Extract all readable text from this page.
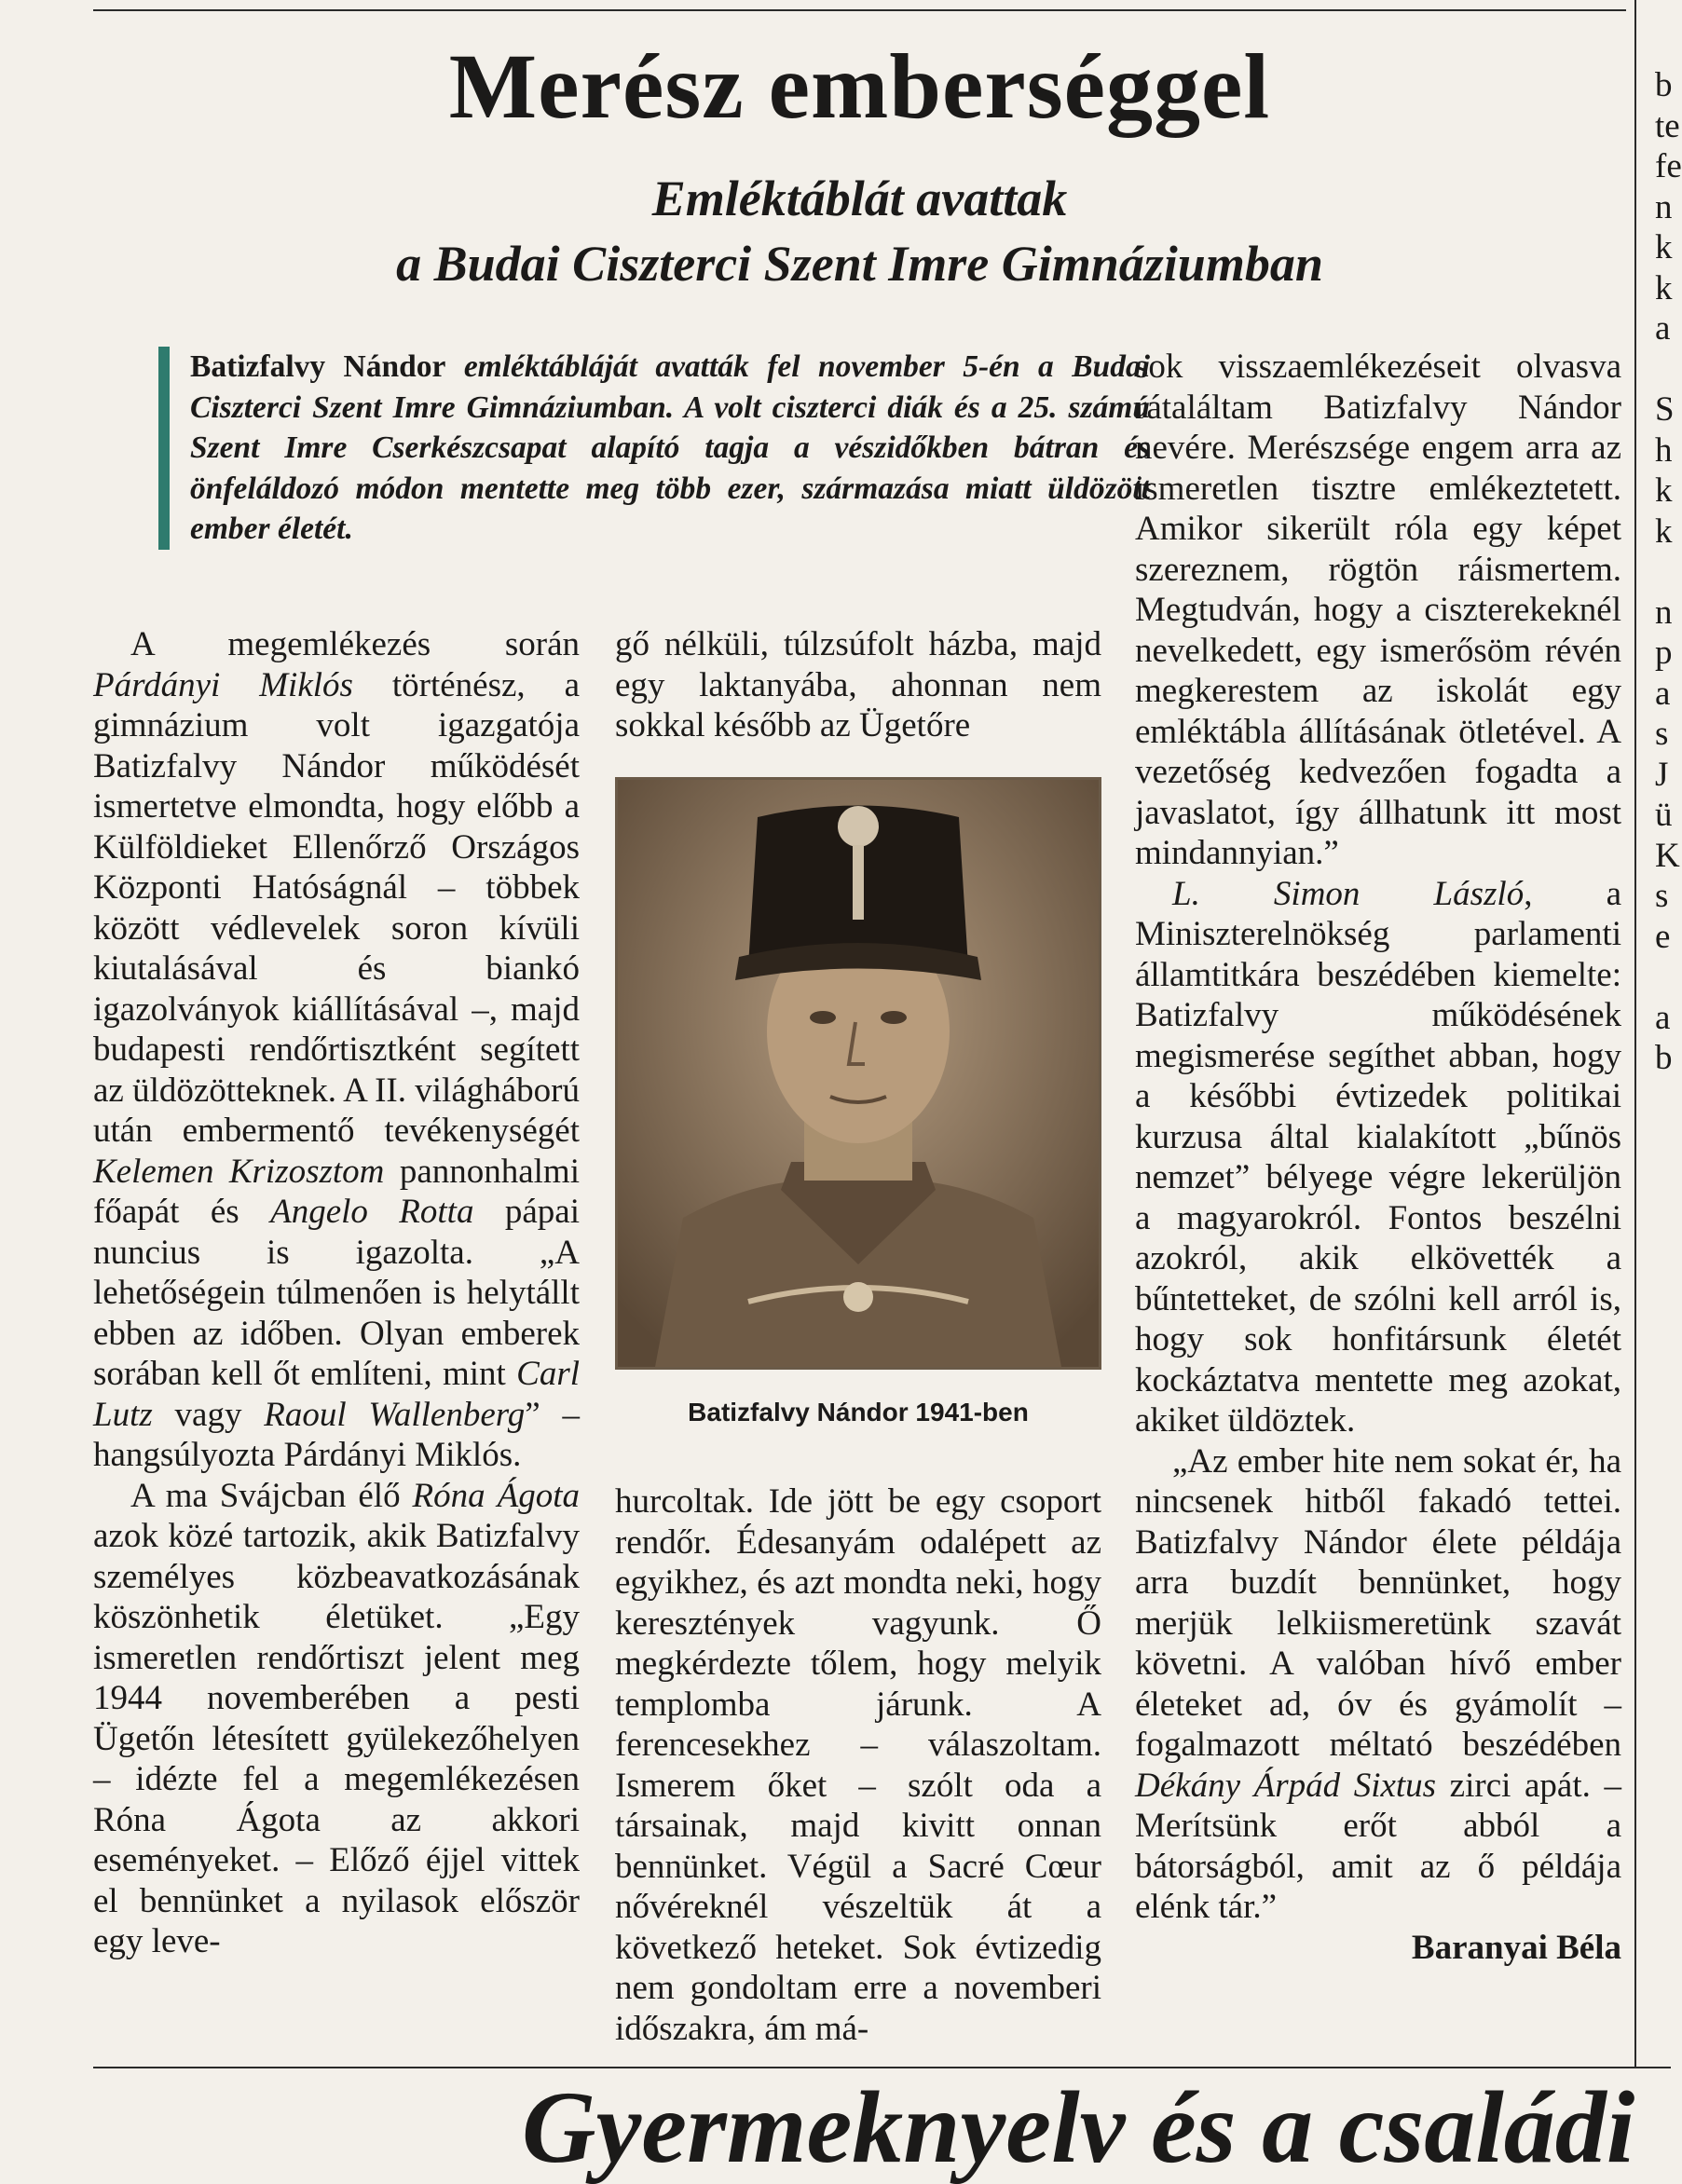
Merész emberséggel
Emléktáblát avattak
a Budai Ciszterci Szent Imre Gimnáziumban
Batizfalvy Nándor emléktábláját avatták fel november 5-én a Budai Ciszterci Szent Imre Gimnáziumban. A volt ciszterci diák és a 25. számú Szent Imre Cserkészcsapat alapító tagja a vészidőkben bátran és önfeláldozó módon mentette meg több ezer, származása miatt üldözött ember életét.

A megemlékezés során Párdányi Miklós történész, a gimnázium volt igazgatója Batizfalvy Nándor működését ismertetve elmondta, hogy előbb a Külföldieket Ellenőrző Országos Központi Hatóságnál – többek között védlevelek soron kívüli kiutalásával és biankó igazolványok kiállításával –, majd budapesti rendőrtisztként segített az üldözötteknek. A II. világháború után embermentő tevékenységét Kelemen Krizosztom pannonhalmi főapát és Angelo Rotta pápai nuncius is igazolta. „A lehetőségein túlmenően is helytállt ebben az időben. Olyan emberek sorában kell őt említeni, mint Carl Lutz vagy Raoul Wallenberg” – hangsúlyozta Párdányi Miklós.

A ma Svájcban élő Róna Ágota azok közé tartozik, akik Batizfalvy személyes közbeavatkozásának köszönhetik életüket. „Egy ismeretlen rendőrtiszt jelent meg 1944 novemberében a pesti Ügetőn létesített gyülekezőhelyen – idézte fel a megemlékezésen Róna Ágota az akkori eseményeket. – Előző éjjel vittek el bennünket a nyilasok először egy leve-

gő nélküli, túlzsúfolt házba, majd egy laktanyába, ahonnan nem sokkal később az Ügetőre

Batizfalvy Nándor 1941-ben

hurcoltak. Ide jött be egy csoport rendőr. Édesanyám odalépett az egyikhez, és azt mondta neki, hogy keresztények vagyunk. Ő megkérdezte tőlem, hogy melyik templomba járunk. A ferencesekhez – válaszoltam. Ismerem őket – szólt oda a társainak, majd kivitt onnan bennünket. Végül a Sacré Cœur nővéreknél vészeltük át a következő heteket. Sok évtizedig nem gondoltam erre a novemberi időszakra, ám má-

sok visszaemlékezéseit olvasva rátaláltam Batizfalvy Nándor nevére. Merészsége engem arra az ismeretlen tisztre emlékeztetett. Amikor sikerült róla egy képet szereznem, rögtön ráismertem. Megtudván, hogy a ciszterekeknél nevelkedett, egy ismerősöm révén megkerestem az iskolát egy emléktábla állításának ötletével. A vezetőség kedvezően fogadta a javaslatot, így állhatunk itt most mindannyian.”

L. Simon László, a Miniszterelnökség parlamenti államtitkára beszédében kiemelte: Batizfalvy működésének megismerése segíthet abban, hogy a későbbi évtizedek politikai kurzusa által kialakított „bűnös nemzet” bélyege végre lekerüljön a magyarokról. Fontos beszélni azokról, akik elkövették a bűntetteket, de szólni kell arról is, hogy sok honfitársunk életét kockáztatva mentette meg azokat, akiket üldöztek.

„Az ember hite nem sokat ér, ha nincsenek hitből fakadó tettei. Batizfalvy Nándor élete példája arra buzdít bennünket, hogy merjük lelkiismeretünk szavát követni. A valóban hívő ember életeket ad, óv és gyámolít – fogalmazott méltató beszédében Dékány Árpád Sixtus zirci apát. – Merítsünk erőt abból a bátorságból, amit az ő példája elénk tár.”

Baranyai Béla

b
te
fe
n
k
k
a
S
h
k
k
n
p
a
s
J
ü
K
s
e
a
b
Gyermeknyelv és a családi
